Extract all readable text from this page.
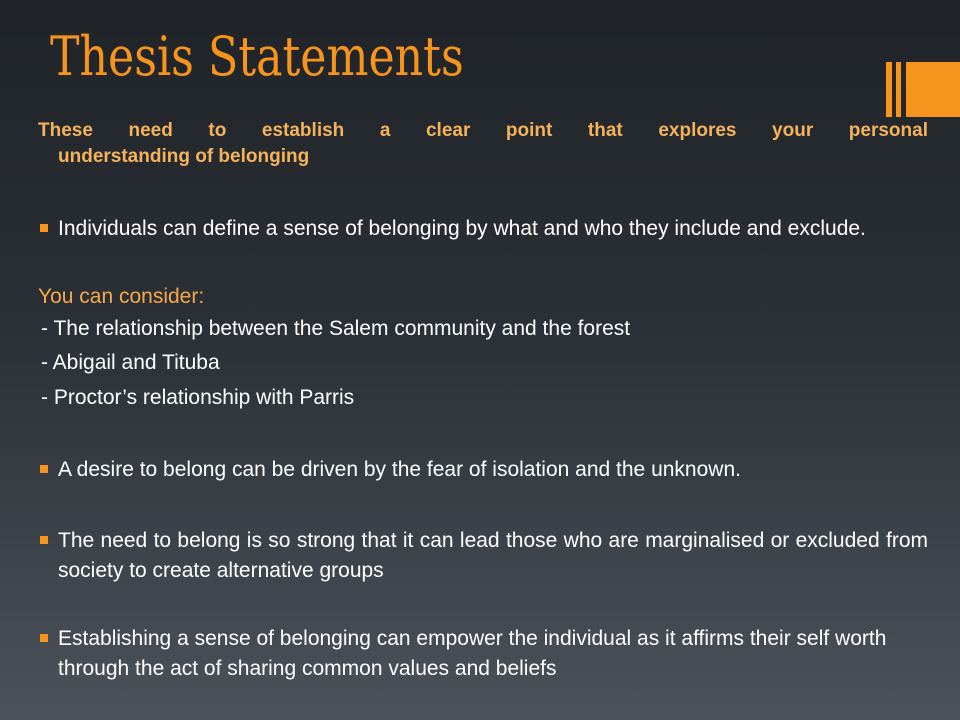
Thesis Statements
These need to establish a clear point that explores your personal
understanding of belonging
Individuals can define a sense of belonging by what and who they include and exclude.
You can consider:
- The relationship between the Salem community and the forest
- Abigail and Tituba
- Proctor’s relationship with Parris
A desire to belong can be driven by the fear of isolation and the unknown.
The need to belong is so strong that it can lead those who are marginalised or excluded from society to create alternative groups
Establishing a sense of belonging can empower the individual as it affirms their self worth through the act of sharing common values and beliefs
